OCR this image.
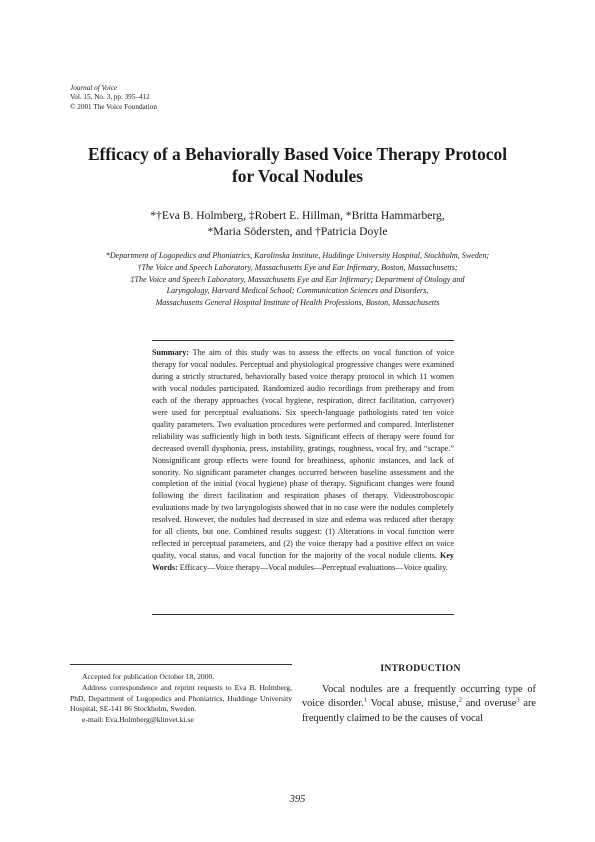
Journal of Voice
Vol. 15, No. 3, pp. 395–412
© 2001 The Voice Foundation
Efficacy of a Behaviorally Based Voice Therapy Protocol
for Vocal Nodules
*†Eva B. Holmberg, ‡Robert E. Hillman, *Britta Hammarberg,
*Maria Södersten, and †Patricia Doyle
*Department of Logopedics and Phoniatrics, Karolinska Institute, Huddinge University Hospital, Stockholm, Sweden;
†The Voice and Speech Laboratory, Massachusetts Eye and Ear Infirmary, Boston, Massachusetts;
‡The Voice and Speech Laboratory, Massachusetts Eye and Ear Infirmary; Department of Otology and
Laryngology, Harvard Medical School; Communication Sciences and Disorders,
Massachusetts General Hospital Institute of Health Professions, Boston, Massachusetts
Summary: The aim of this study was to assess the effects on vocal function of voice therapy for vocal nodules. Perceptual and physiological progressive changes were examined during a strictly structured, behaviorally based voice therapy protocol in which 11 women with vocal nodules participated. Randomized audio recordings from pretherapy and from each of the therapy approaches (vocal hygiene, respiration, direct facilitation, carryover) were used for perceptual evaluations. Six speech-language pathologists rated ten voice quality parameters. Two evaluation procedures were performed and compared. Interlistener reliability was sufficiently high in both tests. Significant effects of therapy were found for decreased overall dysphonia, press, instability, gratings, roughness, vocal fry, and “scrape.” Nonsignificant group effects were found for breathiness, aphonic instances, and lack of sonority. No significant parameter changes occurred between baseline assessment and the completion of the initial (vocal hygiene) phase of therapy. Significant changes were found following the direct facilitation and respiration phases of therapy. Videostroboscopic evaluations made by two laryngologists showed that in no case were the nodules completely resolved. However, the nodules had decreased in size and edema was reduced after therapy for all clients, but one. Combined results suggest: (1) Alterations in vocal function were reflected in perceptual parameters, and (2) the voice therapy had a positive effect on voice quality, vocal status, and vocal function for the majority of the vocal nodule clients. Key Words: Efficacy—Voice therapy—Vocal nodules—Perceptual evaluations—Voice quality.

Accepted for publication October 18, 2000.

Address correspondence and reprint requests to Eva B. Holmberg, PhD, Department of Logopedics and Phoniatrics, Huddinge University Hospital, SE-141 86 Stockholm, Sweden.

e-mail: Eva.Holmberg@klinvet.ki.se

INTRODUCTION
Vocal nodules are a frequently occurring type of voice disorder.$^1$ Vocal abuse, misuse,$^2$ and overuse$^3$ are frequently claimed to be the causes of vocal
395
